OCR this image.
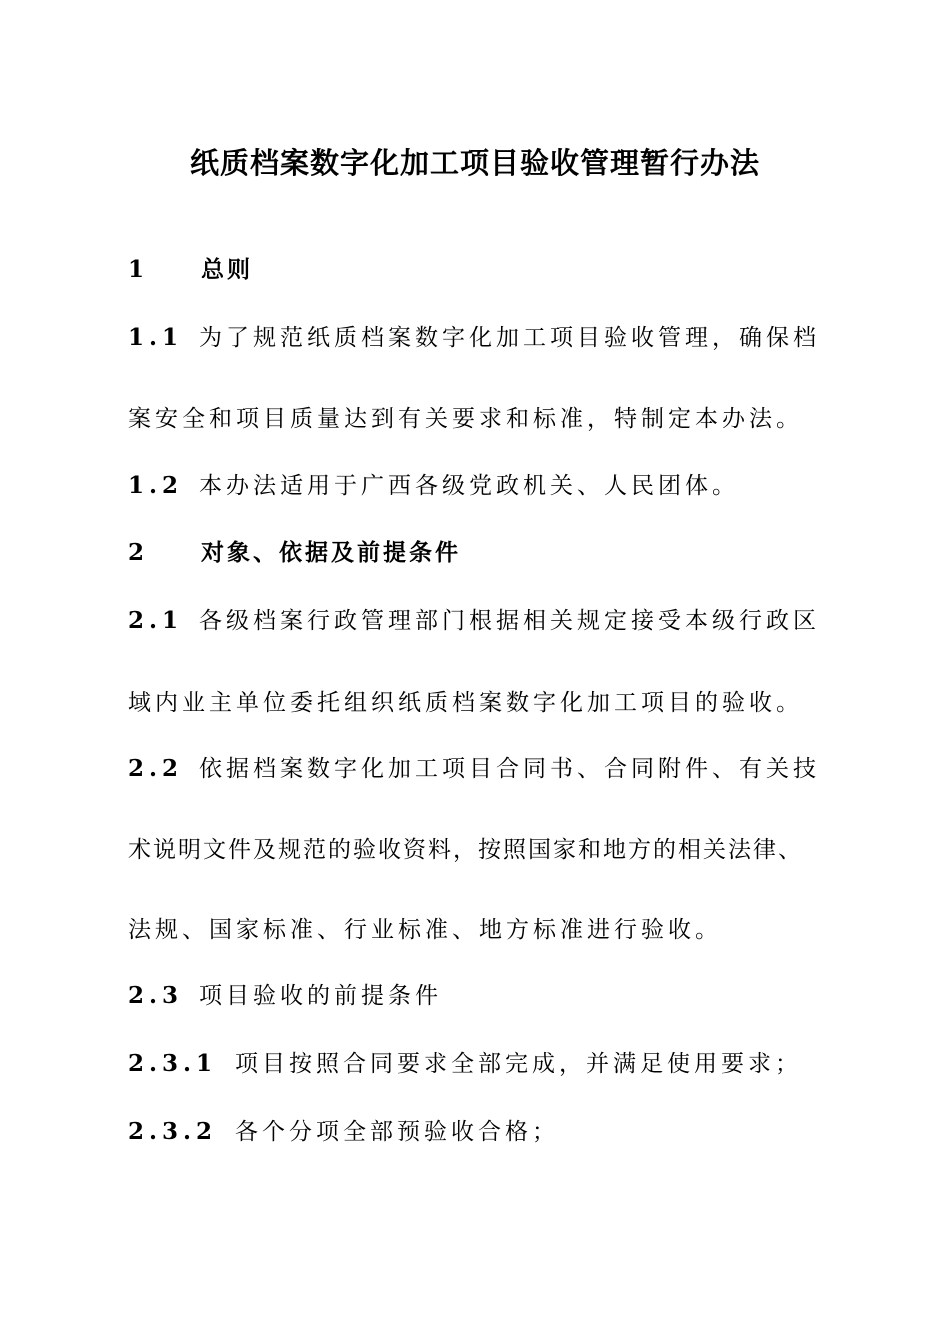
纸质档案数字化加工项目验收管理暂行办法
1 总则
1.1 为了规范纸质档案数字化加工项目验收管理，确保档
案安全和项目质量达到有关要求和标准，特制定本办法。
1.2 本办法适用于广西各级党政机关、人民团体。
2 对象、依据及前提条件
2.1 各级档案行政管理部门根据相关规定接受本级行政区
域内业主单位委托组织纸质档案数字化加工项目的验收。
2.2 依据档案数字化加工项目合同书、合同附件、有关技
术说明文件及规范的验收资料，按照国家和地方的相关法律、
法规、国家标准、行业标准、地方标准进行验收。
2.3 项目验收的前提条件
2.3.1 项目按照合同要求全部完成，并满足使用要求；
2.3.2 各个分项全部预验收合格；
